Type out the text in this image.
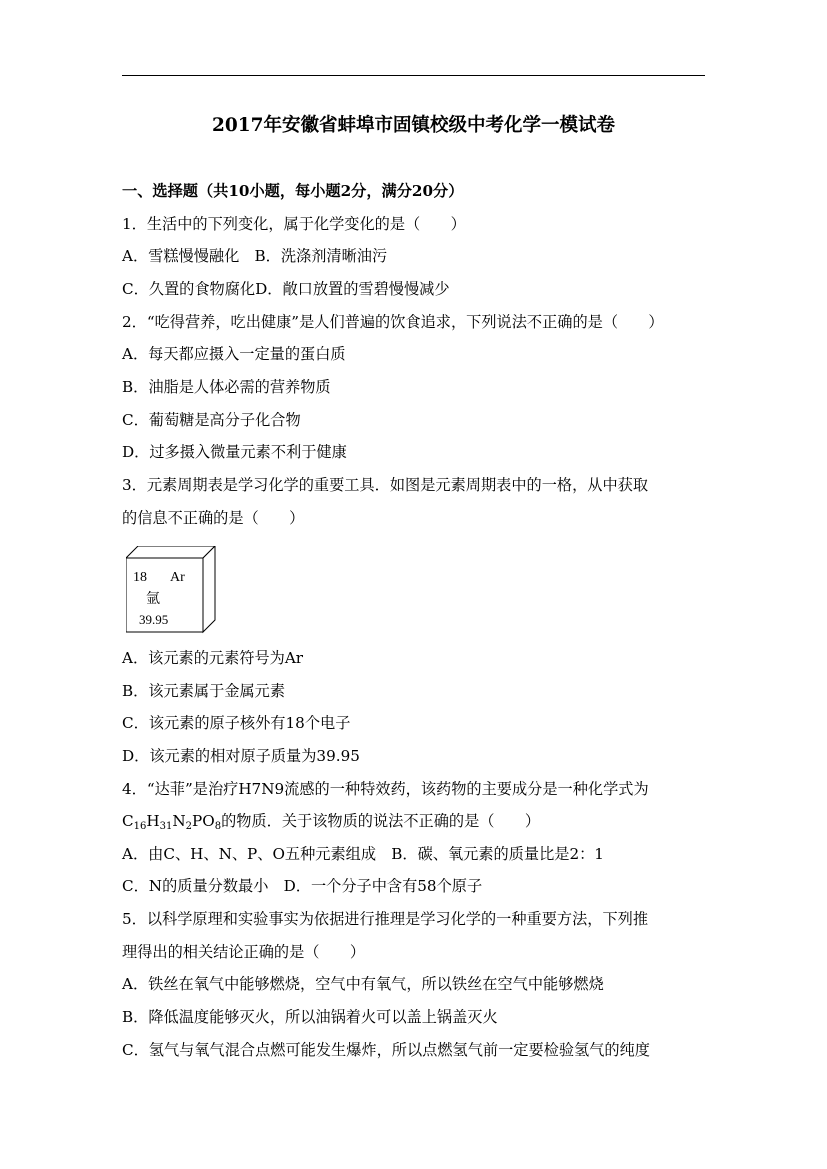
2017年安徽省蚌埠市固镇校级中考化学一模试卷
一、选择题（共10小题，每小题2分，满分20分）
1．生活中的下列变化，属于化学变化的是（　　）
A．雪糕慢慢融化　B．洗涤剂清晰油污
C．久置的食物腐化D．敞口放置的雪碧慢慢减少
2．“吃得营养，吃出健康”是人们普遍的饮食追求，下列说法不正确的是（　　）
A．每天都应摄入一定量的蛋白质
B．油脂是人体必需的营养物质
C．葡萄糖是高分子化合物
D．过多摄入微量元素不利于健康
3．元素周期表是学习化学的重要工具．如图是元素周期表中的一格，从中获取
的信息不正确的是（　　）
18 Ar
氩
39.95
A．该元素的元素符号为Ar
B．该元素属于金属元素
C．该元素的原子核外有18个电子
D．该元素的相对原子质量为39.95
4．“达菲”是治疗H7N9流感的一种特效药，该药物的主要成分是一种化学式为
$C_{16}H_{31}N_2PO_8$的物质．关于该物质的说法不正确的是（　　）
A．由C、H、N、P、O五种元素组成　B．碳、氧元素的质量比是2：1
C．N的质量分数最小　D．一个分子中含有58个原子
5．以科学原理和实验事实为依据进行推理是学习化学的一种重要方法，下列推
理得出的相关结论正确的是（　　）
A．铁丝在氧气中能够燃烧，空气中有氧气，所以铁丝在空气中能够燃烧
B．降低温度能够灭火，所以油锅着火可以盖上锅盖灭火
C．氢气与氧气混合点燃可能发生爆炸，所以点燃氢气前一定要检验氢气的纯度
